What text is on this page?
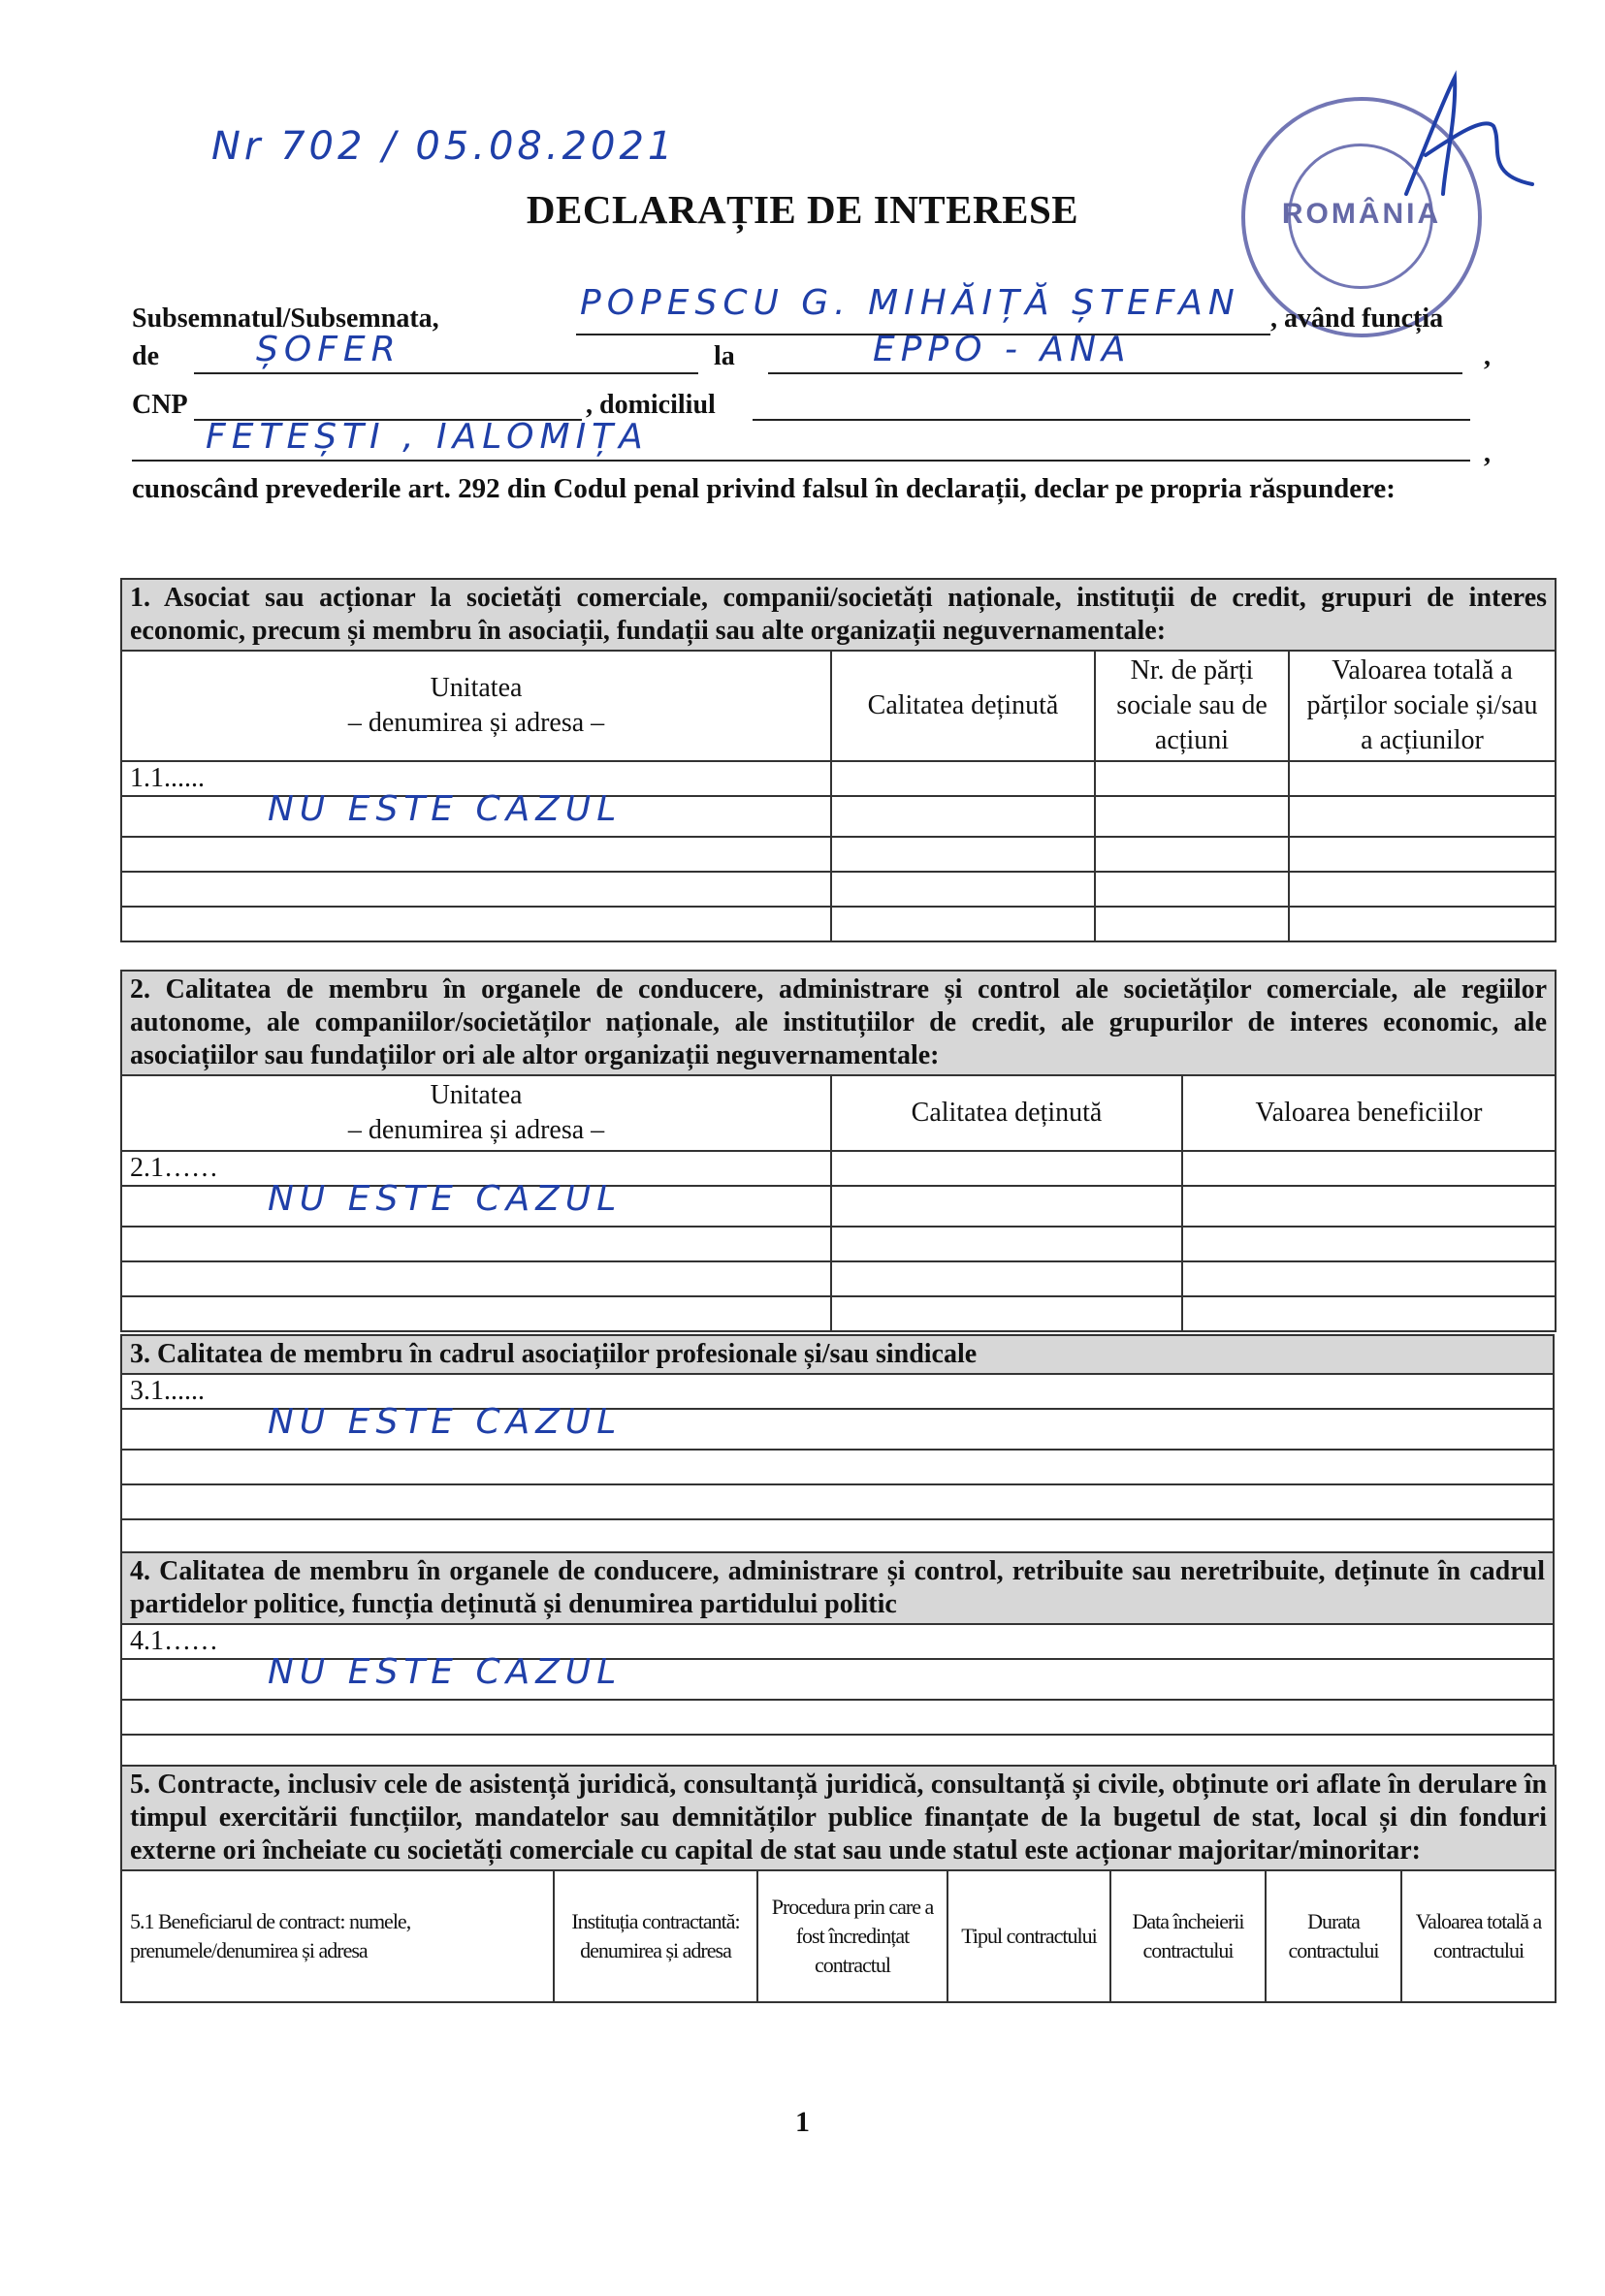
Nr 702 / 05.08.2021
ROMÂNIA
DECLARAȚIE DE INTERESE
Subsemnatul/Subsemnata,	POPESCU G. MIHĂIȚĂ ȘTEFAN , având funcția
de	ȘOFER	la	EPPO - ANA	,
CNP	, domiciliul
FETEȘTI , IALOMIȚA	,
cunoscând prevederile art. 292 din Codul penal privind falsul în declarații, declar pe propria răspundere:
1. Asociat sau acționar la societăți comerciale, companii/societăți naționale, instituții de credit, grupuri de interes economic, precum și membru în asociații, fundații sau alte organizații neguvernamentale:			
Unitatea
– denumirea și adresa –	Calitatea deținută	Nr. de părți sociale sau de acțiuni	Valoarea totală a părților sociale și/sau a acțiunilor
1.1......			

NU ESTE CAZUL			

2. Calitatea de membru în organele de conducere, administrare și control ale societăților comerciale, ale regiilor autonome, ale companiilor/societăților naționale, ale instituțiilor de credit, ale grupurilor de interes economic, ale asociațiilor sau fundațiilor ori ale altor organizații neguvernamentale:		
Unitatea
– denumirea și adresa –	Calitatea deținută	Valoarea beneficiilor
2.1……		

NU ESTE CAZUL		

3. Calitatea de membru în cadrul asociațiilor profesionale și/sau sindicale
3.1......

NU ESTE CAZUL

4. Calitatea de membru în organele de conducere, administrare și control, retribuite sau neretribuite, deținute în cadrul partidelor politice, funcția deținută și denumirea partidului politic
4.1……

NU ESTE CAZUL

5. Contracte, inclusiv cele de asistență juridică, consultanță juridică, consultanță și civile, obținute ori aflate în derulare în timpul exercitării funcțiilor, mandatelor sau demnităților publice finanțate de la bugetul de stat, local și din fonduri externe ori încheiate cu societăți comerciale cu capital de stat sau unde statul este acționar majoritar/minoritar:
5.1 Beneficiarul de contract: numele, prenumele/denumirea și adresa	Instituția contractantă: denumirea și adresa	Procedura prin care a fost încredințat contractul	Tipul contractului	Data încheierii contractului	Durata contractului	Valoarea totală a contractului
1
